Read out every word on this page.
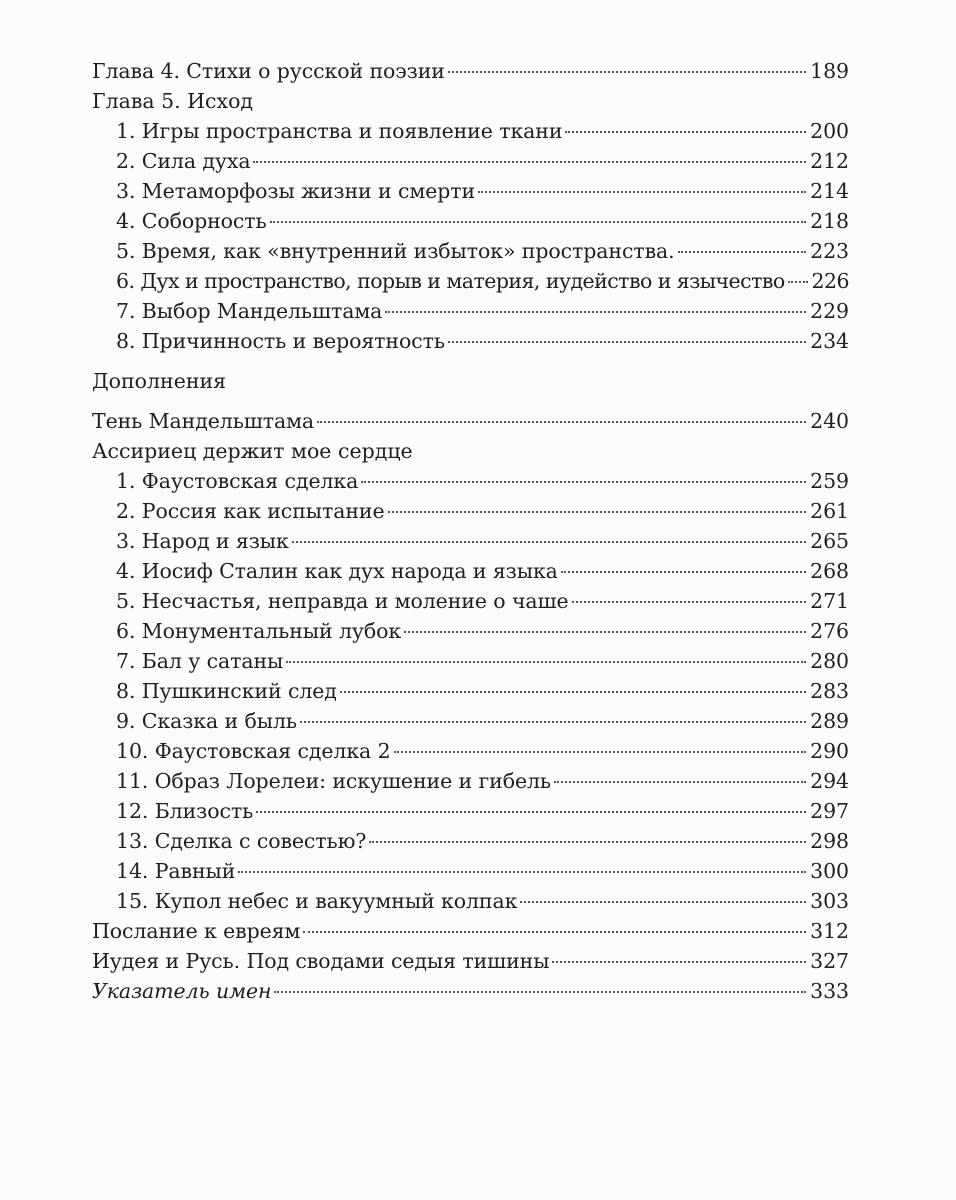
Глава 4. Стихи о русской поэзии	189
Глава 5. Исход
1. Игры пространства и появление ткани	200
2. Сила духа	212
3. Метаморфозы жизни и смерти	214
4. Соборность	218
5. Время, как «внутренний избыток» пространства.	223
6. Дух и пространство, порыв и материя, иудейство и язычество 226
7. Выбор Мандельштама	229
8. Причинность и вероятность	234
Дополнения
Тень Мандельштама	240
Ассириец держит мое сердце
1. Фаустовская сделка	259
2. Россия как испытание	261
3. Народ и язык	265
4. Иосиф Сталин как дух народа и языка	268
5. Несчастья, неправда и моление о чаше	271
6. Монументальный лубок	276
7. Бал у сатаны	280
8. Пушкинский след	283
9. Сказка и быль	289
10. Фаустовская сделка 2	290
11. Образ Лорелеи: искушение и гибель	294
12. Близость	297
13. Сделка с совестью?	298
14. Равный	300
15. Купол небес и вакуумный колпак	303
Послание к евреям	312
Иудея и Русь. Под сводами седыя тишины	327
Указатель имен	333
